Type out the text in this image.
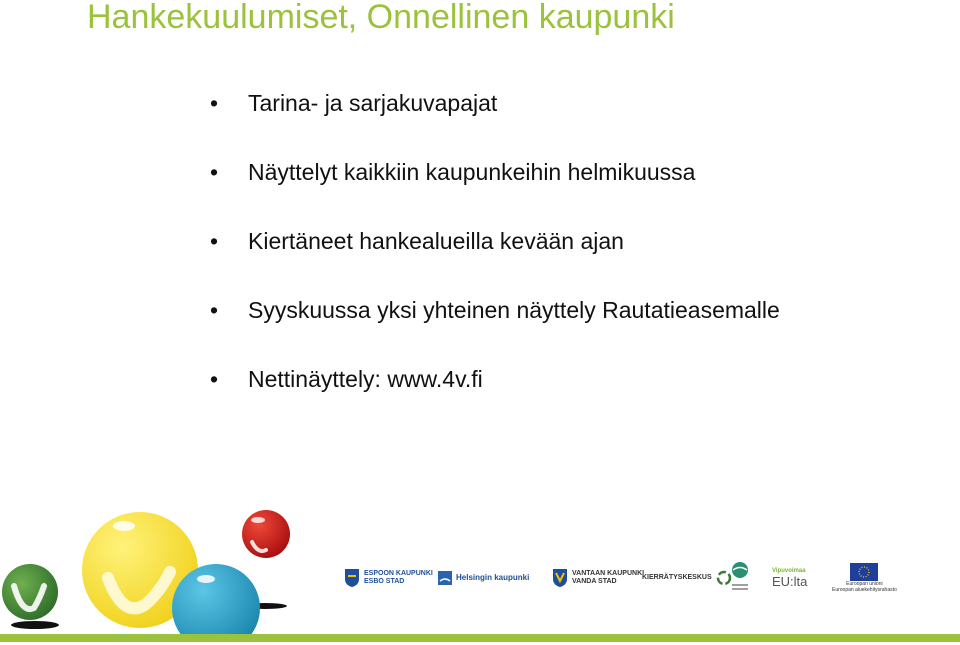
Hankekuulumiset, Onnellinen kaupunki
• Tarina- ja sarjakuvapajat
• Näyttelyt kaikkiin kaupunkeihin helmikuussa
• Kiertäneet hankealueilla kevään ajan
• Syyskuussa yksi yhteinen näyttely Rautatieasemalle
• Nettinäyttely: www.4v.fi
ESPOON KAUPUNKI
ESBO STAD	Helsingin kaupunki	VANTAAN KAUPUNKI
VANDA STAD
KIERRÄTYSKESKUS
Vipuvoimaa
EU:lta	Euroopan unioni
Euroopan aluekehitysrahasto
